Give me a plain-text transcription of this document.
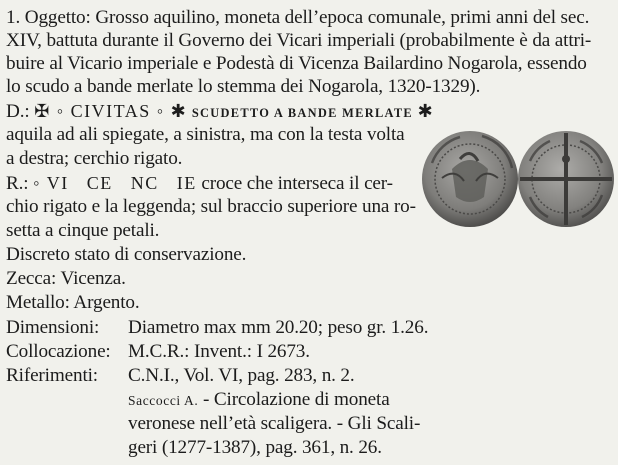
1. Oggetto: Grosso aquilino, moneta dell’epoca comunale, primi anni del sec.
XIV, battuta durante il Governo dei Vicari imperiali (probabilmente è da attri-
buire al Vicario imperiale e Podestà di Vicenza Bailardino Nogarola, essendo
lo scudo a bande merlate lo stemma dei Nogarola, 1320-1329).
D.: ✠ ◦ CIVITAS ◦ ✱ SCUDETTO A BANDE MERLATE ✱
aquila ad ali spiegate, a sinistra, ma con la testa volta
a destra; cerchio rigato.
R.: ◦ VI   CE   NC   IE croce che interseca il cer-
chio rigato e la leggenda; sul braccio superiore una ro-
setta a cinque petali.
Discreto stato di conservazione.
Zecca: Vicenza.
Metallo: Argento.
Dimensioni: Diametro max mm 20.20; peso gr. 1.26.
Collocazione: M.C.R.: Invent.: I 2673.
Riferimenti: C.N.I., Vol. VI, pag. 283, n. 2.
Saccocci A. - Circolazione di moneta
veronese nell’età scaligera. - Gli Scali-
geri (1277-1387), pag. 361, n. 26.
